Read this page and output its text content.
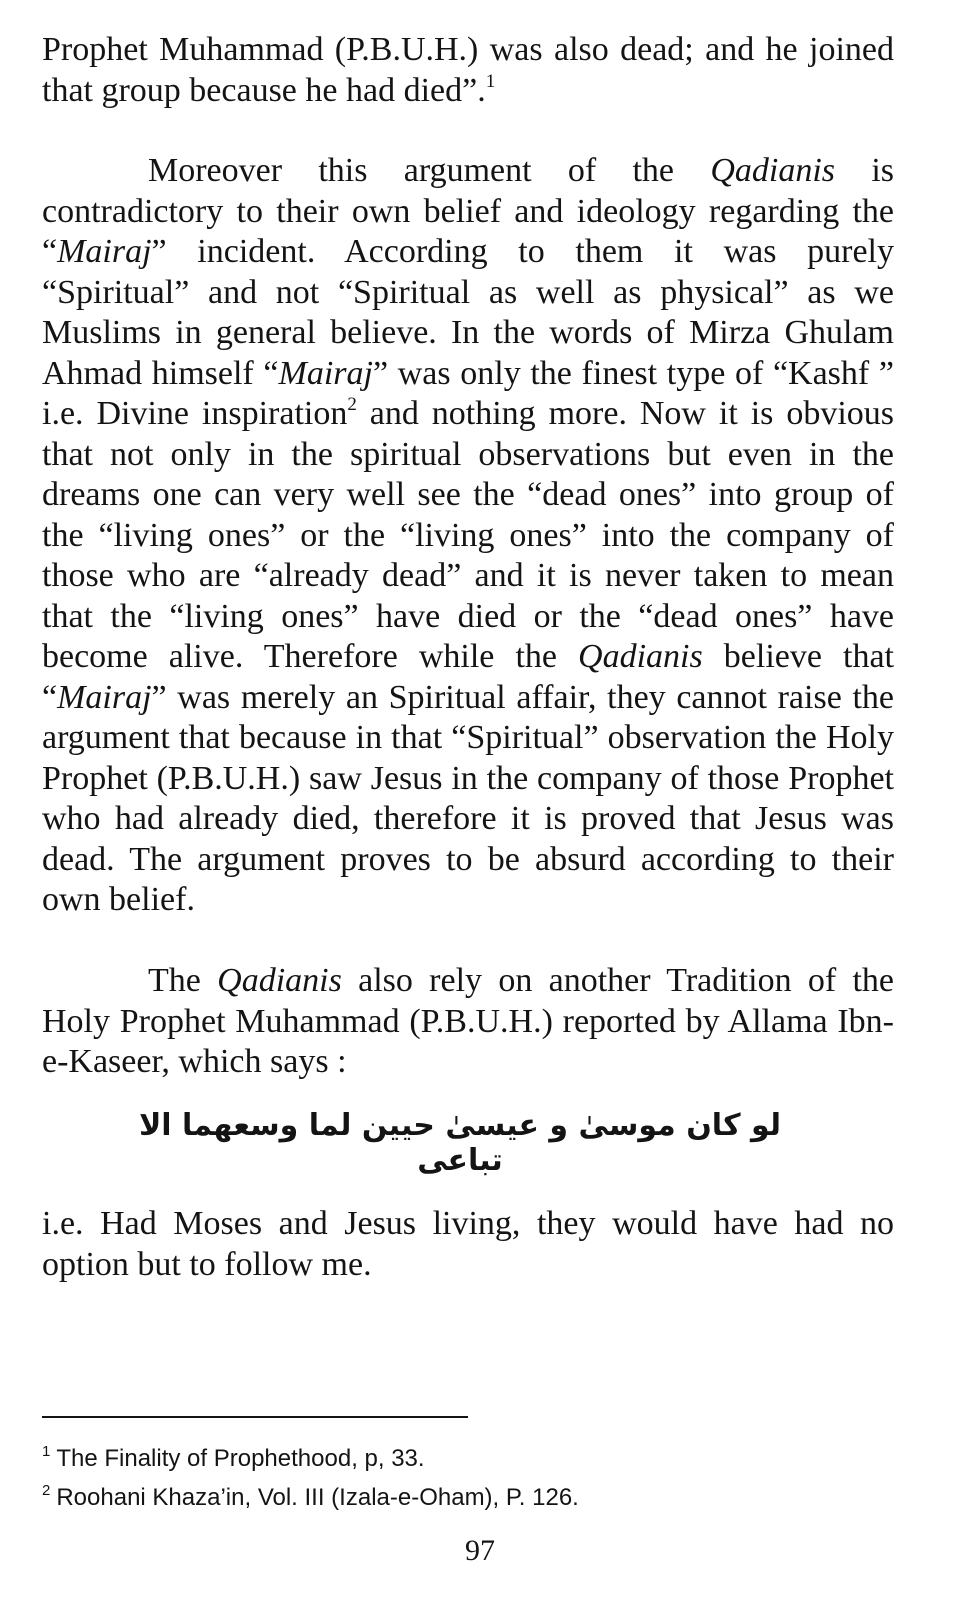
Prophet Muhammad (P.B.U.H.) was also dead; and he joined that group because he had died”.$^1$

Moreover this argument of the Qadianis is contradictory to their own belief and ideology regarding the “Mairaj” incident. According to them it was purely “Spiritual” and not “Spiritual as well as physical” as we Muslims in general believe. In the words of Mirza Ghulam Ahmad himself “Mairaj” was only the finest type of “Kashf ” i.e. Divine inspiration$^2$ and nothing more. Now it is obvious that not only in the spiritual observations but even in the dreams one can very well see the “dead ones” into group of the “living ones” or the “living ones” into the company of those who are “already dead” and it is never taken to mean that the “living ones” have died or the “dead ones” have become alive. Therefore while the Qadianis believe that “Mairaj” was merely an Spiritual affair, they cannot raise the argument that because in that “Spiritual” observation the Holy Prophet (P.B.U.H.) saw Jesus in the company of those Prophet who had already died, therefore it is proved that Jesus was dead. The argument proves to be absurd according to their own belief.

The Qadianis also rely on another Tradition of the Holy Prophet Muhammad (P.B.U.H.) reported by Allama Ibn-e-Kaseer, which says :

لو كان موسىٰ و عيسىٰ حيين لما وسعهما الا تباعى

i.e. Had Moses and Jesus living, they would have had no option but to follow me.

$^1$ The Finality of Prophethood, p, 33.

$^2$ Roohani Khaza’in, Vol. III (Izala-e-Oham), P. 126.

97
